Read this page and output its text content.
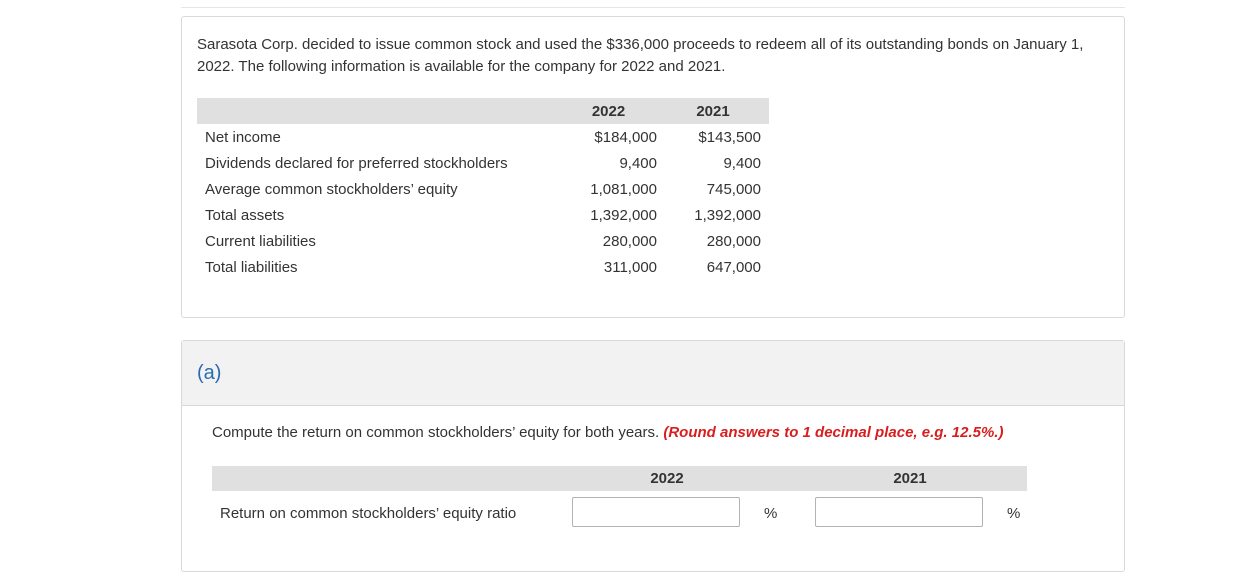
Sarasota Corp. decided to issue common stock and used the $336,000 proceeds to redeem all of its outstanding bonds on January 1, 2022. The following information is available for the company for 2022 and 2021.
	2022	2021
Net income	$184,000	$143,500
Dividends declared for preferred stockholders	9,400	9,400
Average common stockholders’ equity	1,081,000	745,000
Total assets	1,392,000	1,392,000
Current liabilities	280,000	280,000
Total liabilities	311,000	647,000
(a)
Compute the return on common stockholders’ equity for both years. (Round answers to 1 decimal place, e.g. 12.5%.)
2022	2021
Return on common stockholders’ equity ratio	%	%
